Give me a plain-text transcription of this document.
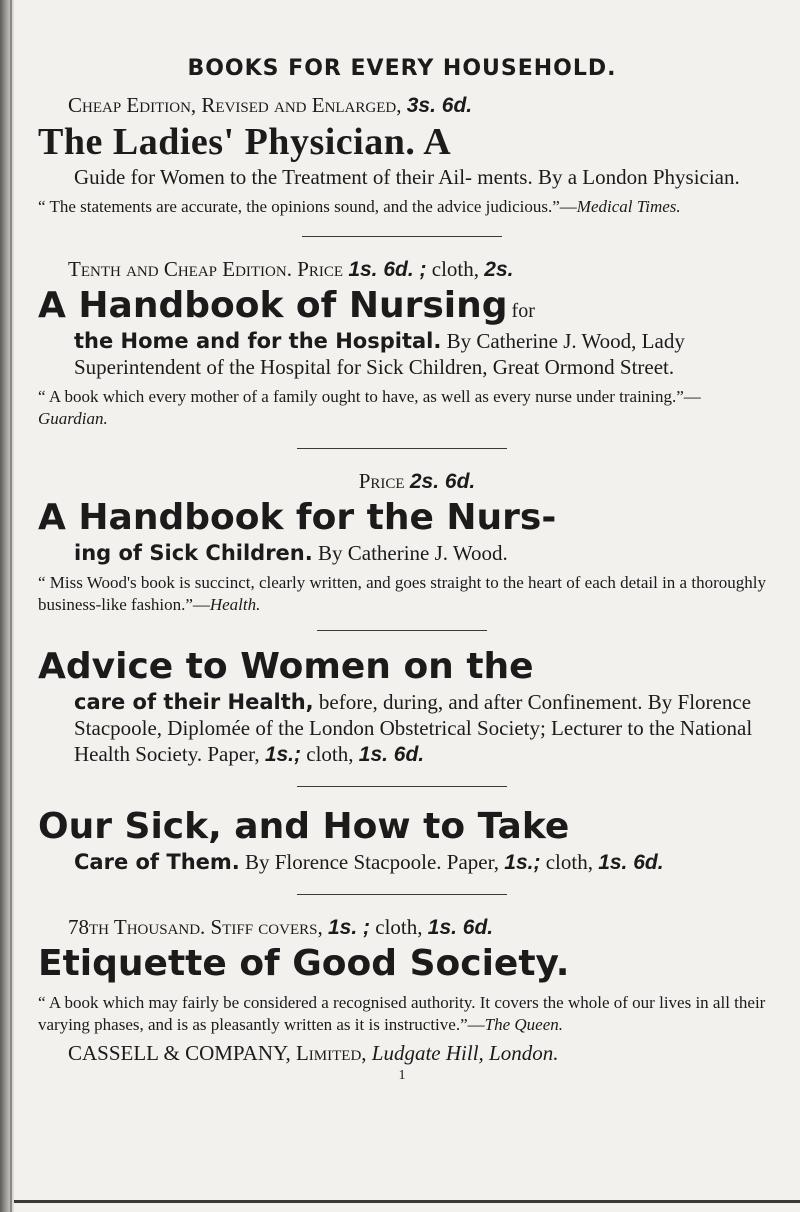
BOOKS FOR EVERY HOUSEHOLD.
Cheap Edition, Revised and Enlarged, 3s. 6d.
The Ladies' Physician. A
Guide for Women to the Treatment of their Ail- ments. By a London Physician.
“ The statements are accurate, the opinions sound, and the advice judicious.”—Medical Times.
Tenth and Cheap Edition. Price 1s. 6d. ; cloth, 2s.
A Handbook of Nursing for
the Home and for the Hospital. By Catherine J. Wood, Lady Superintendent of the Hospital for Sick Children, Great Ormond Street.
“ A book which every mother of a family ought to have, as well as every nurse under training.”—Guardian.
Price 2s. 6d.
A Handbook for the Nurs-
ing of Sick Children. By Catherine J. Wood.
“ Miss Wood's book is succinct, clearly written, and goes straight to the heart of each detail in a thoroughly business-like fashion.”—Health.
Advice to Women on the
care of their Health, before, during, and after Confinement. By Florence Stacpoole, Diplomée of the London Obstetrical Society; Lecturer to the National Health Society. Paper, 1s.; cloth, 1s. 6d.
Our Sick, and How to Take
Care of Them. By Florence Stacpoole. Paper, 1s.; cloth, 1s. 6d.
78th Thousand. Stiff covers, 1s. ; cloth, 1s. 6d.
Etiquette of Good Society.
“ A book which may fairly be considered a recognised authority. It covers the whole of our lives in all their varying phases, and is as pleasantly written as it is instructive.”—The Queen.
CASSELL & COMPANY, Limited, Ludgate Hill, London.
1
